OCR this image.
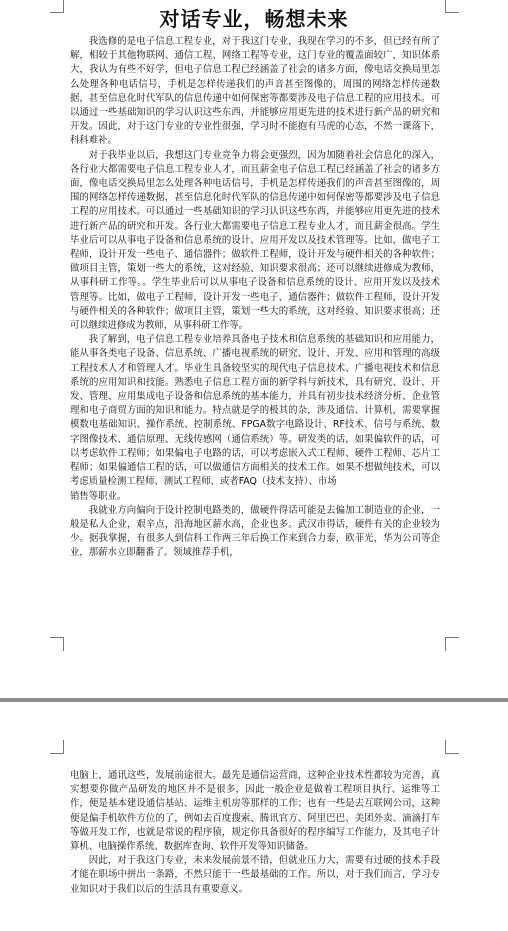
对话专业，畅想未来

我选修的是电子信息工程专业，对于我这门专业，我现在学习的不多，但已经有所了解，相较于其他物联网、通信工程、网络工程等专业，这门专业的覆盖面较广，知识体系大，我认为有些不好学，但电子信息工程已经涵盖了社会的诸多方面，像电话交换局里怎么处理各种电话信号，手机是怎样传递我们的声音甚至图像的，周围的网络怎样传递数据，甚至信息化时代军队的信息传递中如何保密等都要涉及电子信息工程的应用技术。可以通过一些基础知识的学习认识这些东西，并能够应用更先进的技术进行新产品的研究和开发。因此，对于这门专业的专业性很强，学习时不能抱有马虎的心态，不然一课落下，科科难补。

对于我毕业以后，我想这门专业竞争力将会更强烈，因为加随着社会信息化的深入，各行业大都需要电子信息工程专业人才，而且薪金电子信息工程已经涵盖了社会的诸多方面，像电话交换局里怎么处理各种电话信号，手机是怎样传递我们的声音甚至图像的，周围的网络怎样传递数据，甚至信息化时代军队的信息传递中如何保密等都要涉及电子信息工程的应用技术。可以通过一些基础知识的学习认识这些东西，并能够应用更先进的技术进行新产品的研究和开发。各行业大都需要电子信息工程专业人才，而且薪金很高。学生毕业后可以从事电子设备和信息系统的设计、应用开发以及技术管理等。比如，做电子工程师，设计开发一些电子、通信器件；做软件工程师，设计开发与硬件相关的各种软件；做项目主管，策划一些大的系统，这对经验、知识要求很高；还可以继续进修成为教师，从事科研工作等。。学生毕业后可以从事电子设备和信息系统的设计、应用开发以及技术管理等。比如，做电子工程师，设计开发一些电子、通信器件；做软件工程师，设计开发与硬件相关的各种软件；做项目主管，策划一些大的系统，这对经验、知识要求很高；还可以继续进修成为教师，从事科研工作等。

我了解到，电子信息工程专业培养具备电子技术和信息系统的基础知识和应用能力，能从事各类电子设备、信息系统、广播电视系统的研究、设计、开发、应用和管理的高级工程技术人才和管理人才。毕业生具备较坚实的现代电子信息技术、广播电视技术和信息系统的应用知识和技能。熟悉电子信息工程方面的新学科与新技术，具有研究、设计、开发、管理、应用集成电子设备和信息系统的基本能力，并具有初步技术经济分析、企业管理和电子商贸方面的知识和能力。特点就是学的极其的杂，涉及通信、计算机，需要掌握模数电基础知识、操作系统、控制系统、FPGA数字电路设计、RF技术、信号与系统、数字图像技术、通信原理、无线传感网（通信系统）等。研发类的话，如果偏软件的话，可以考虑软件工程师；如果偏电子电路的话，可以考虑嵌入式工程师、硬件工程师、芯片工程师；如果偏通信工程的话，可以做通信方面相关的技术工作。如果不想做纯技术，可以考虑质量检测工程师、测试工程师、或者FAQ（技术支持）、市场

销售等职业。

我就业方向偏向于设计控制电路类的，做硬件得话可能是去偏加工制造业的企业，一般是私人企业，艰辛点，沿海地区薪水高，企业也多。武汉市得话，硬件有关的企业较为少。据我掌握，有很多人到信科工作两三年后换工作来到合力泰，欧菲光，华为公司等企业，那薪水立即翻番了。领域推荐手机，

电脑上，通讯这些，发展前途很大。最先是通信运营商，这种企业技术性都较为完善，真实想要你做产品研发的地区并不是很多，因此一般企业是做着工程项目执行、运维等工作，便是基本建设通信基站、运维主机房等那样的工作；也有一些是去互联网公司，这种便是偏手机软件方位的了，例如去百度搜索、腾讯官方、阿里巴巴、美团外卖、滴滴打车等做开发工作，也就是常说的程序猿，规定你具备很好的程序编写工作能力，及其电子计算机、电脑操作系统、数据库查询、软件开发等知识储备。

因此，对于我这门专业，未来发展前景不错，但就业压力大，需要有过硬的技术手段才能在职场中拼出一条路，不然只能干一些最基础的工作。所以，对于我们而言，学习专业知识对于我们以后的生活具有重要意义。
